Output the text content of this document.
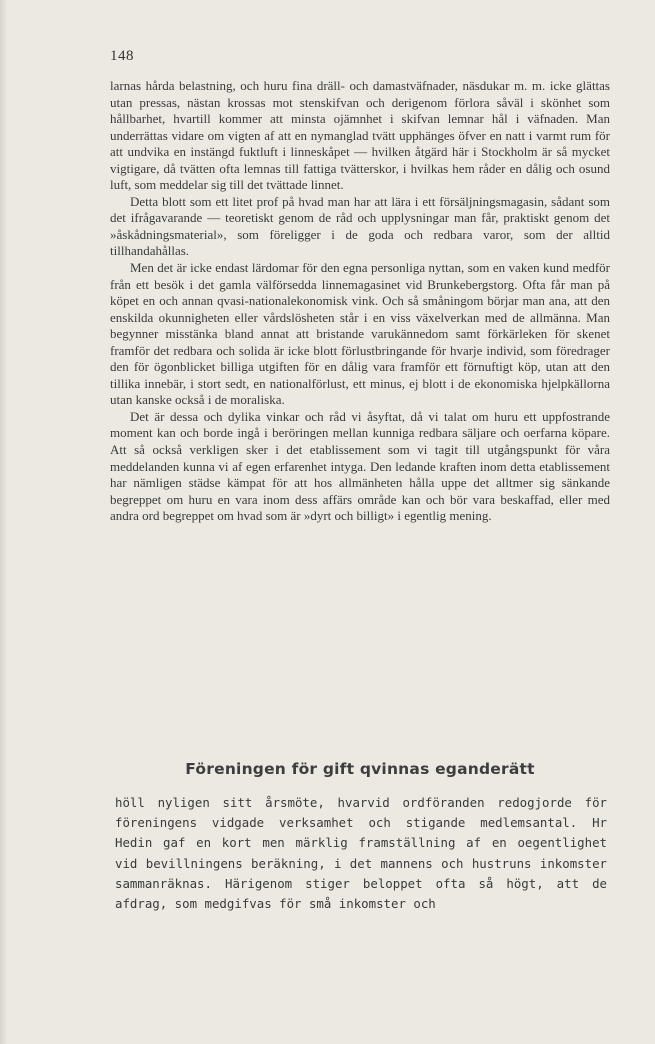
148

larnas hårda belastning, och huru fina dräll- och damastväfnader, näsdukar m. m. icke glättas utan pressas, nästan krossas mot stenskifvan och derigenom förlora såväl i skönhet som hållbarhet, hvartill kommer att minsta ojämnhet i skifvan lemnar hål i väfnaden. Man underrättas vidare om vigten af att en nymanglad tvätt upphänges öfver en natt i varmt rum för att undvika en instängd fuktluft i linneskåpet — hvilken åtgärd här i Stockholm är så mycket vigtigare, då tvätten ofta lemnas till fattiga tvätterskor, i hvilkas hem råder en dålig och osund luft, som meddelar sig till det tvättade linnet.

Detta blott som ett litet prof på hvad man har att lära i ett försäljningsmagasin, sådant som det ifrågavarande — teoretiskt genom de råd och upplysningar man får, praktiskt genom det »åskådningsmaterial», som föreligger i de goda och redbara varor, som der alltid tillhandahållas.

Men det är icke endast lärdomar för den egna personliga nyttan, som en vaken kund medför från ett besök i det gamla välförsedda linnemagasinet vid Brunkebergstorg. Ofta får man på köpet en och annan qvasi-nationalekonomisk vink. Och så småningom börjar man ana, att den enskilda okunnigheten eller vårdslösheten står i en viss växelverkan med de allmänna. Man begynner misstänka bland annat att bristande varukännedom samt förkärleken för skenet framför det redbara och solida är icke blott förlustbringande för hvarje individ, som föredrager den för ögonblicket billiga utgiften för en dålig vara framför ett förnuftigt köp, utan att den tillika innebär, i stort sedt, en nationalförlust, ett minus, ej blott i de ekonomiska hjelpkällorna utan kanske också i de moraliska.

Det är dessa och dylika vinkar och råd vi åsyftat, då vi talat om huru ett uppfostrande moment kan och borde ingå i beröringen mellan kunniga redbara säljare och oerfarna köpare. Att så också verkligen sker i det etablissement som vi tagit till utgångspunkt för våra meddelanden kunna vi af egen erfarenhet intyga. Den ledande kraften inom detta etablissement har nämligen städse kämpat för att hos allmänheten hålla uppe det alltmer sig sänkande begreppet om huru en vara inom dess affärs område kan och bör vara beskaffad, eller med andra ord begreppet om hvad som är »dyrt och billigt» i egentlig mening.

Föreningen för gift qvinnas eganderätt

höll nyligen sitt årsmöte, hvarvid ordföranden redogjorde för föreningens vidgade verksamhet och stigande medlemsantal. Hr Hedin gaf en kort men märklig framställning af en oegentlighet vid bevillningens beräkning, i det mannens och hustruns inkomster sammanräknas. Härigenom stiger beloppet ofta så högt, att de afdrag, som medgifvas för små inkomster och
